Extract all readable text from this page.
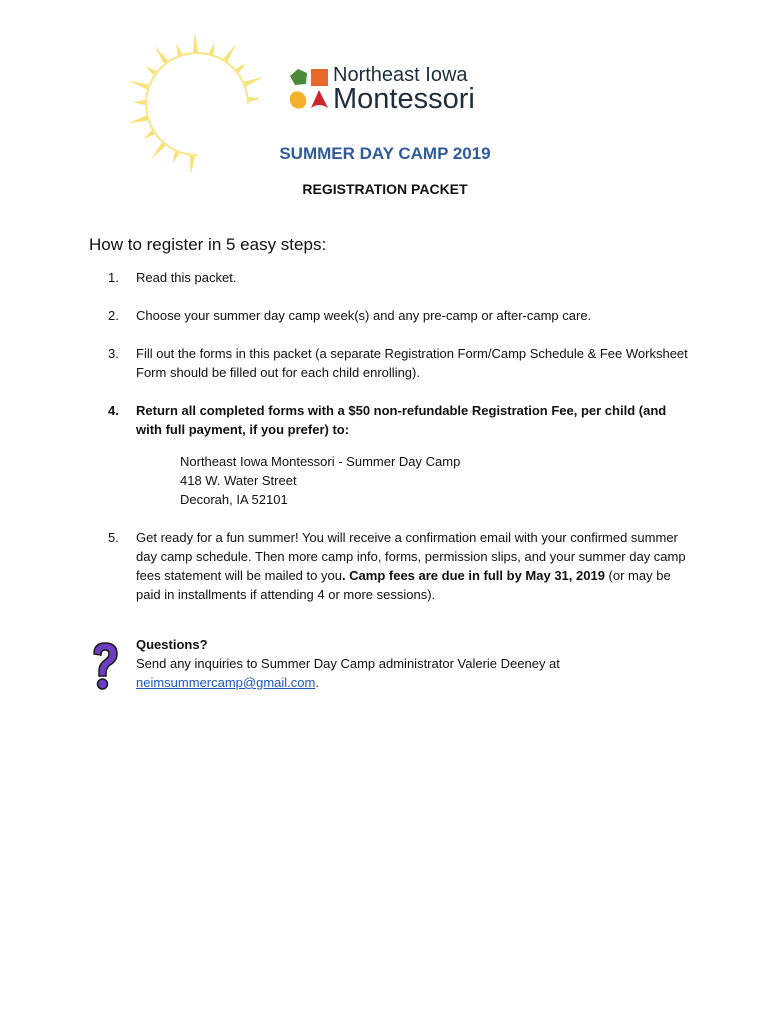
Northeast Iowa
Montessori
SUMMER DAY CAMP 2019
REGISTRATION PACKET
How to register in 5 easy steps:
1. Read this packet.
2. Choose your summer day camp week(s) and any pre-camp or after-camp care.
3. Fill out the forms in this packet (a separate Registration Form/Camp Schedule & Fee Worksheet Form should be filled out for each child enrolling).
4. Return all completed forms with a $50 non-refundable Registration Fee, per child (and with full payment, if you prefer) to:
Northeast Iowa Montessori - Summer Day Camp
418 W. Water Street
Decorah, IA 52101
5. Get ready for a fun summer! You will receive a confirmation email with your confirmed summer day camp schedule. Then more camp info, forms, permission slips, and your summer day camp fees statement will be mailed to you. Camp fees are due in full by May 31, 2019 (or may be paid in installments if attending 4 or more sessions).
Questions?
Send any inquiries to Summer Day Camp administrator Valerie Deeney at
neimsummercamp@gmail.com.
